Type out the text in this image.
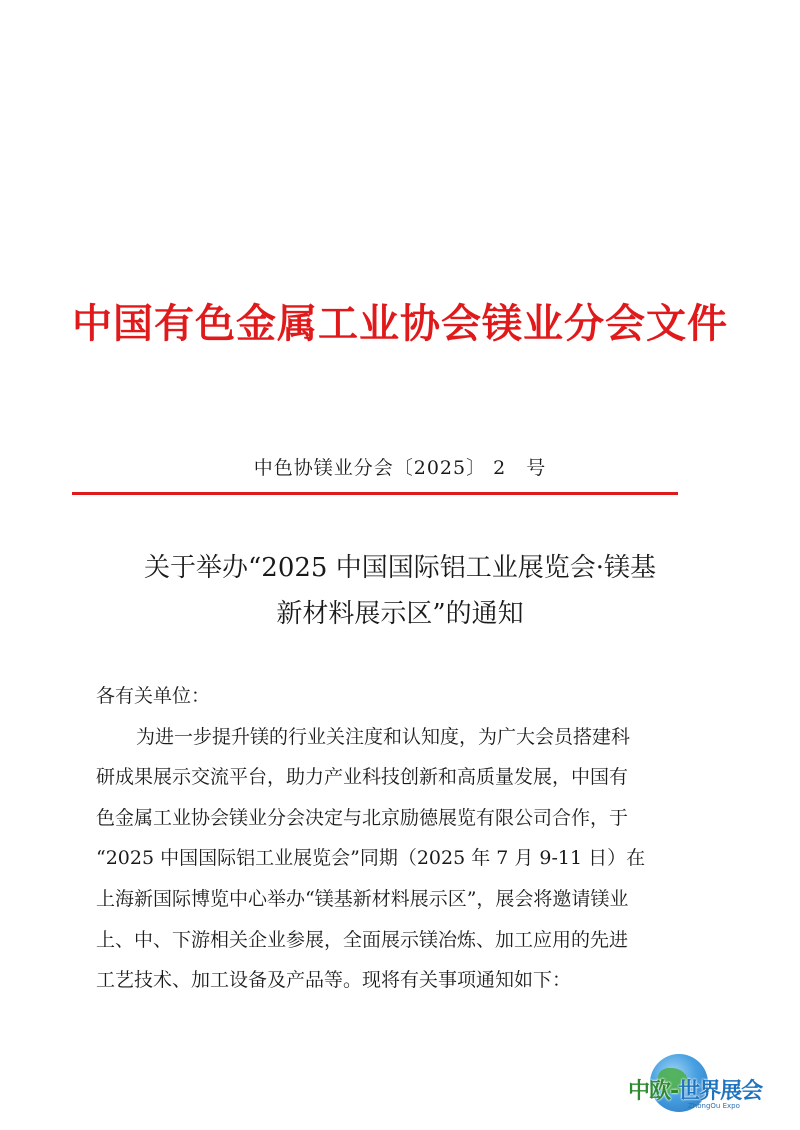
中国有色金属工业协会镁业分会文件
中色协镁业分会〔2025〕 2　号
关于举办“2025 中国国际铝工业展览会·镁基
新材料展示区”的通知

各有关单位：

为进一步提升镁的行业关注度和认知度，为广大会员搭建科

研成果展示交流平台，助力产业科技创新和高质量发展，中国有

色金属工业协会镁业分会决定与北京励德展览有限公司合作，于

“2025 中国国际铝工业展览会”同期（2025 年 7 月 9-11 日）在

上海新国际博览中心举办“镁基新材料展示区”，展会将邀请镁业

上、中、下游相关企业参展，全面展示镁冶炼、加工应用的先进

工艺技术、加工设备及产品等。现将有关事项通知如下：

中欧-世界展会
ZhongOu Expo
